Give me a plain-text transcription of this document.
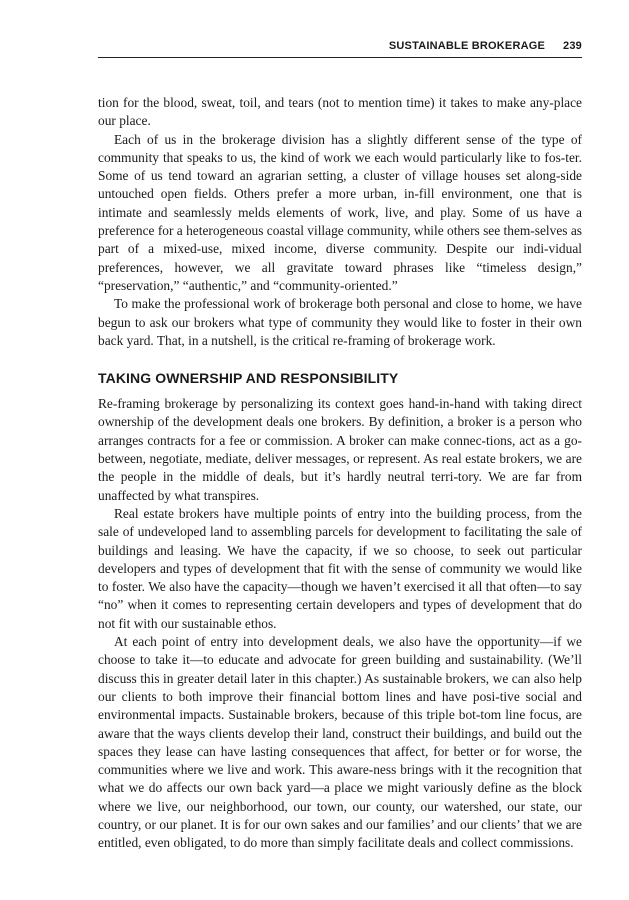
SUSTAINABLE BROKERAGE 239

tion for the blood, sweat, toil, and tears (not to mention time) it takes to make any-place our place.

Each of us in the brokerage division has a slightly different sense of the type of community that speaks to us, the kind of work we each would particularly like to fos-ter. Some of us tend toward an agrarian setting, a cluster of village houses set along-side untouched open fields. Others prefer a more urban, in-fill environment, one that is intimate and seamlessly melds elements of work, live, and play. Some of us have a preference for a heterogeneous coastal village community, while others see them-selves as part of a mixed-use, mixed income, diverse community. Despite our indi-vidual preferences, however, we all gravitate toward phrases like “timeless design,” “preservation,” “authentic,” and “community-oriented.”

To make the professional work of brokerage both personal and close to home, we have begun to ask our brokers what type of community they would like to foster in their own back yard. That, in a nutshell, is the critical re-framing of brokerage work.

TAKING OWNERSHIP AND RESPONSIBILITY

Re-framing brokerage by personalizing its context goes hand-in-hand with taking direct ownership of the development deals one brokers. By definition, a broker is a person who arranges contracts for a fee or commission. A broker can make connec-tions, act as a go-between, negotiate, mediate, deliver messages, or represent. As real estate brokers, we are the people in the middle of deals, but it’s hardly neutral terri-tory. We are far from unaffected by what transpires.

Real estate brokers have multiple points of entry into the building process, from the sale of undeveloped land to assembling parcels for development to facilitating the sale of buildings and leasing. We have the capacity, if we so choose, to seek out particular developers and types of development that fit with the sense of community we would like to foster. We also have the capacity—though we haven’t exercised it all that often—to say “no” when it comes to representing certain developers and types of development that do not fit with our sustainable ethos.

At each point of entry into development deals, we also have the opportunity—if we choose to take it—to educate and advocate for green building and sustainability. (We’ll discuss this in greater detail later in this chapter.) As sustainable brokers, we can also help our clients to both improve their financial bottom lines and have posi-tive social and environmental impacts. Sustainable brokers, because of this triple bot-tom line focus, are aware that the ways clients develop their land, construct their buildings, and build out the spaces they lease can have lasting consequences that affect, for better or for worse, the communities where we live and work. This aware-ness brings with it the recognition that what we do affects our own back yard—a place we might variously define as the block where we live, our neighborhood, our town, our county, our watershed, our state, our country, or our planet. It is for our own sakes and our families’ and our clients’ that we are entitled, even obligated, to do more than simply facilitate deals and collect commissions.
